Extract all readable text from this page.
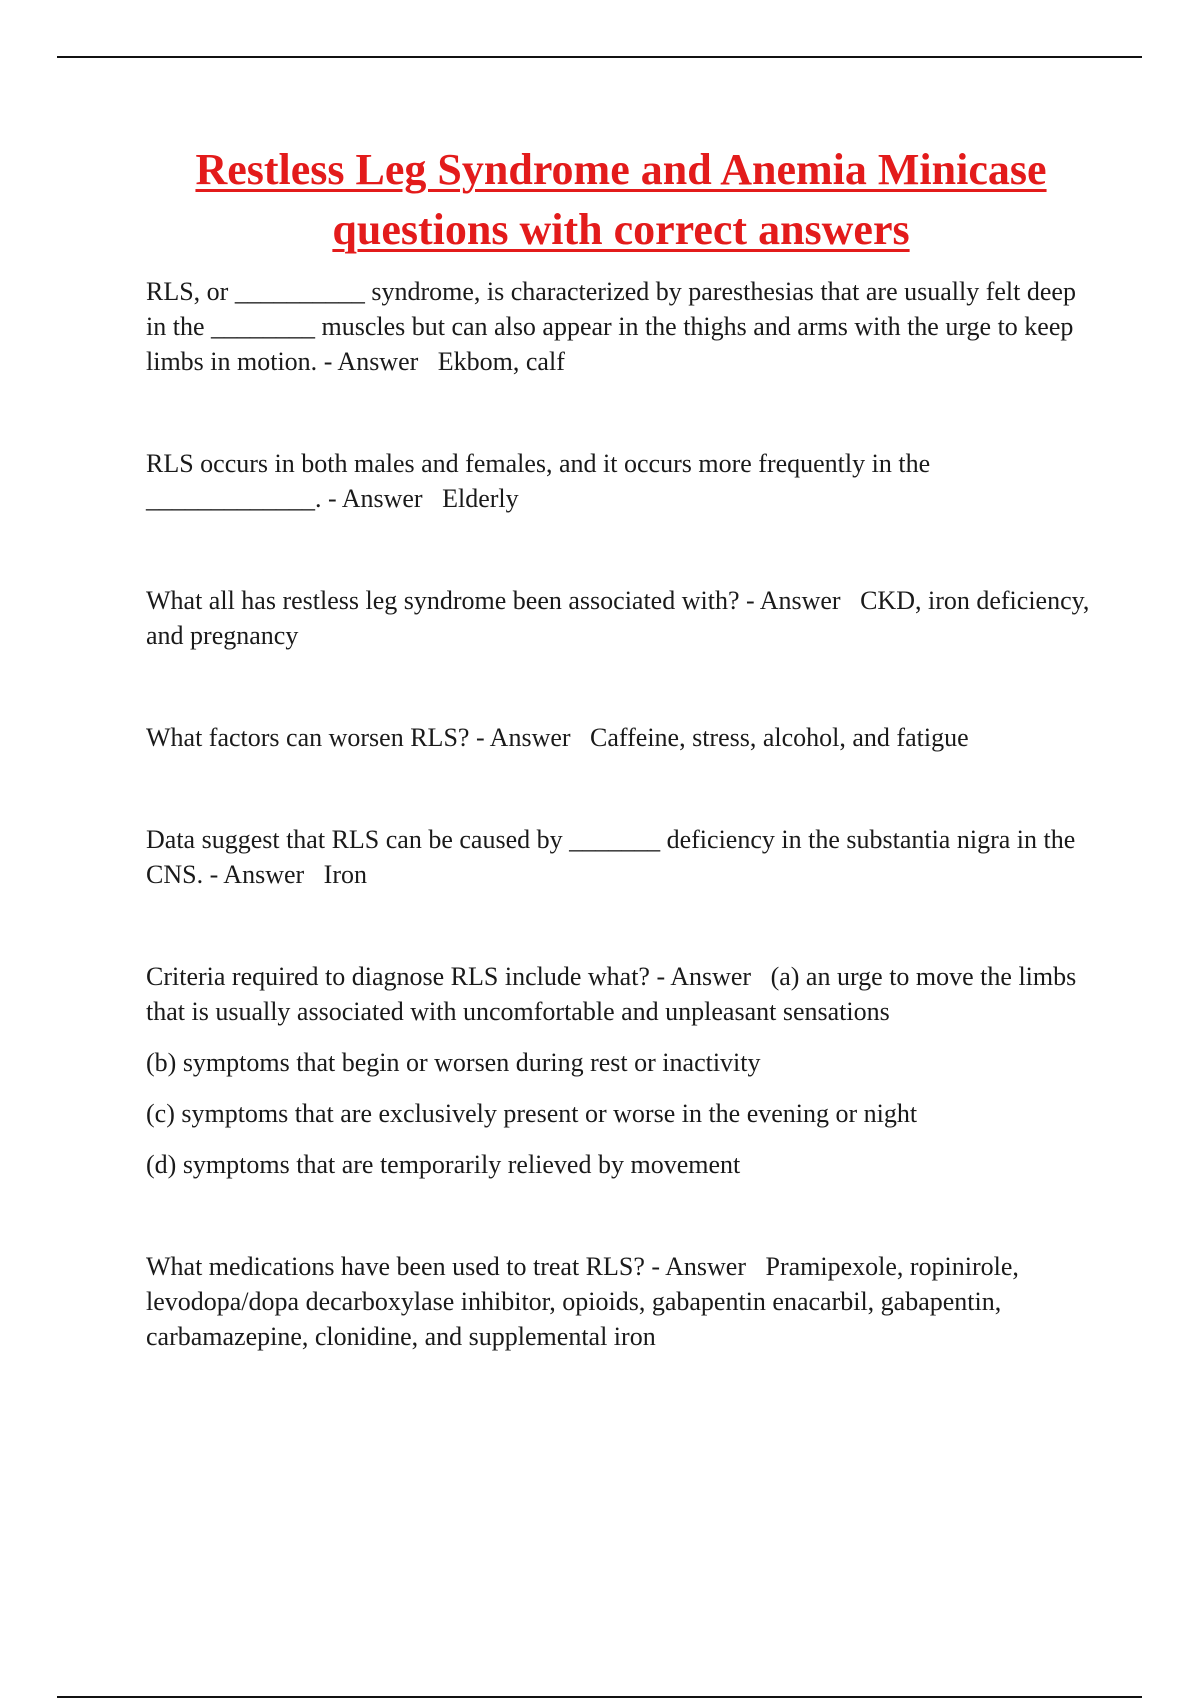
Restless Leg Syndrome and Anemia Minicase questions with correct answers

RLS, or __________ syndrome, is characterized by paresthesias that are usually felt deep in the ________ muscles but can also appear in the thighs and arms with the urge to keep limbs in motion. - Answer Ekbom, calf

RLS occurs in both males and females, and it occurs more frequently in the _____________. - Answer Elderly

What all has restless leg syndrome been associated with? - Answer CKD, iron deficiency, and pregnancy

What factors can worsen RLS? - Answer Caffeine, stress, alcohol, and fatigue

Data suggest that RLS can be caused by _______ deficiency in the substantia nigra in the CNS. - Answer Iron

Criteria required to diagnose RLS include what? - Answer (a) an urge to move the limbs that is usually associated with uncomfortable and unpleasant sensations

(b) symptoms that begin or worsen during rest or inactivity

(c) symptoms that are exclusively present or worse in the evening or night

(d) symptoms that are temporarily relieved by movement

What medications have been used to treat RLS? - Answer Pramipexole, ropinirole, levodopa/dopa decarboxylase inhibitor, opioids, gabapentin enacarbil, gabapentin, carbamazepine, clonidine, and supplemental iron
